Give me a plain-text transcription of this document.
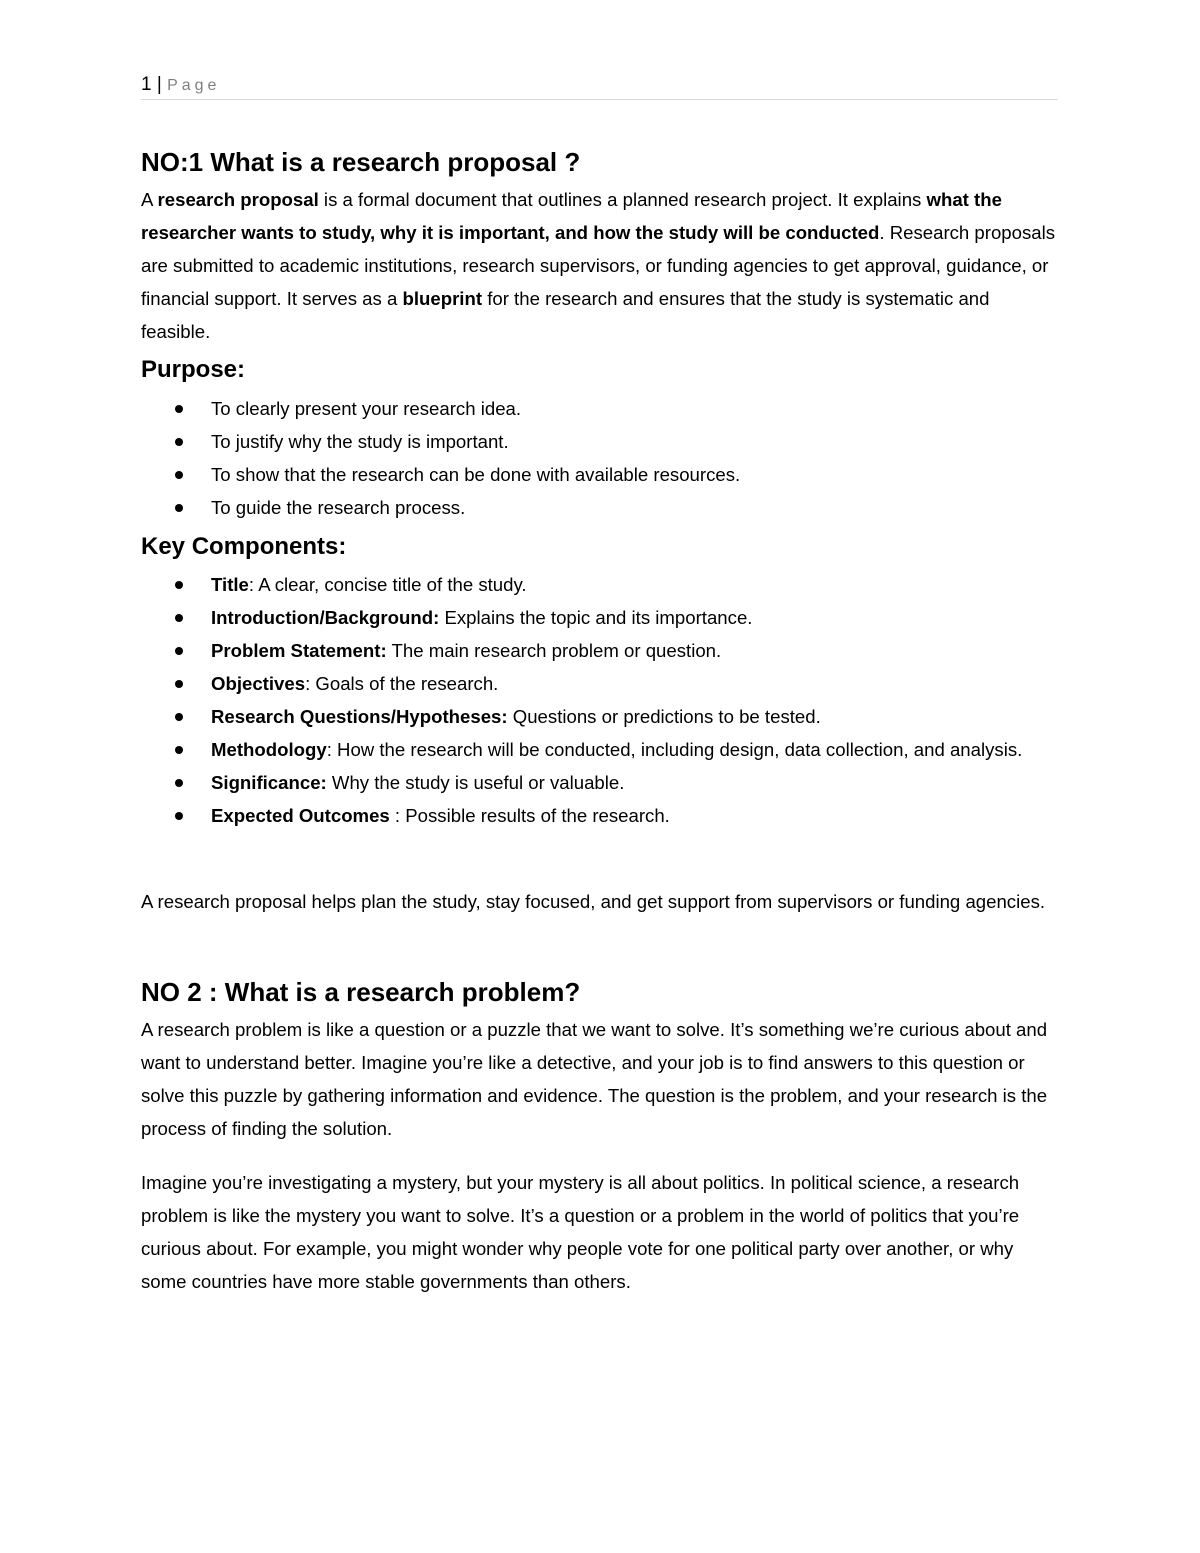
1 | Page
NO:1 What is a research proposal ?

A research proposal is a formal document that outlines a planned research project. It explains what the researcher wants to study, why it is important, and how the study will be conducted. Research proposals are submitted to academic institutions, research supervisors, or funding agencies to get approval, guidance, or financial support. It serves as a blueprint for the research and ensures that the study is systematic and feasible.

Purpose:
To clearly present your research idea.
To justify why the study is important.
To show that the research can be done with available resources.
To guide the research process.
Key Components:
Title: A clear, concise title of the study.
Introduction/Background: Explains the topic and its importance.
Problem Statement: The main research problem or question.
Objectives: Goals of the research.
Research Questions/Hypotheses: Questions or predictions to be tested.
Methodology: How the research will be conducted, including design, data collection, and analysis.
Significance: Why the study is useful or valuable.
Expected Outcomes : Possible results of the research.

A research proposal helps plan the study, stay focused, and get support from supervisors or funding agencies.

NO 2 : What is a research problem?

A research problem is like a question or a puzzle that we want to solve. It’s something we’re curious about and want to understand better. Imagine you’re like a detective, and your job is to find answers to this question or solve this puzzle by gathering information and evidence. The question is the problem, and your research is the process of finding the solution.

Imagine you’re investigating a mystery, but your mystery is all about politics. In political science, a research problem is like the mystery you want to solve. It’s a question or a problem in the world of politics that you’re curious about. For example, you might wonder why people vote for one political party over another, or why some countries have more stable governments than others.
